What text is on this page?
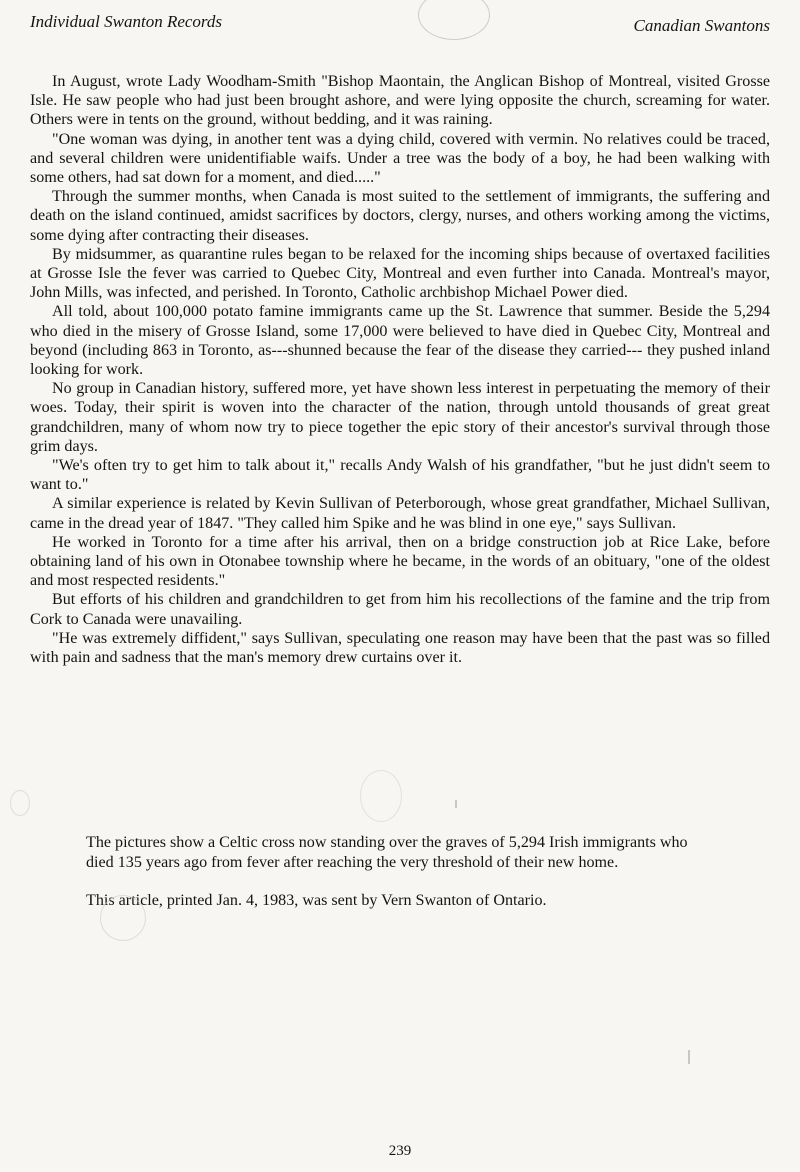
Individual Swanton Records	Canadian Swantons

In August, wrote Lady Woodham-Smith "Bishop Maontain, the Anglican Bishop of Montreal, visited Grosse Isle. He saw people who had just been brought ashore, and were lying opposite the church, screaming for water. Others were in tents on the ground, without bedding, and it was raining.

"One woman was dying, in another tent was a dying child, covered with vermin. No relatives could be traced, and several children were unidentifiable waifs. Under a tree was the body of a boy, he had been walking with some others, had sat down for a moment, and died....."

Through the summer months, when Canada is most suited to the settlement of immigrants, the suffering and death on the island continued, amidst sacrifices by doctors, clergy, nurses, and others working among the victims, some dying after contracting their diseases.

By midsummer, as quarantine rules began to be relaxed for the incoming ships because of overtaxed facilities at Grosse Isle the fever was carried to Quebec City, Montreal and even further into Canada. Montreal's mayor, John Mills, was infected, and perished. In Toronto, Catholic archbishop Michael Power died.

All told, about 100,000 potato famine immigrants came up the St. Lawrence that summer. Beside the 5,294 who died in the misery of Grosse Island, some 17,000 were believed to have died in Quebec City, Montreal and beyond (including 863 in Toronto, as---shunned because the fear of the disease they carried--- they pushed inland looking for work.

No group in Canadian history, suffered more, yet have shown less interest in perpetuating the memory of their woes. Today, their spirit is woven into the character of the nation, through untold thousands of great great grandchildren, many of whom now try to piece together the epic story of their ancestor's survival through those grim days.

"We's often try to get him to talk about it," recalls Andy Walsh of his grandfather, "but he just didn't seem to want to."

A similar experience is related by Kevin Sullivan of Peterborough, whose great grandfather, Michael Sullivan, came in the dread year of 1847. "They called him Spike and he was blind in one eye," says Sullivan.

He worked in Toronto for a time after his arrival, then on a bridge construction job at Rice Lake, before obtaining land of his own in Otonabee township where he became, in the words of an obituary, "one of the oldest and most respected residents."

But efforts of his children and grandchildren to get from him his recollections of the famine and the trip from Cork to Canada were unavailing.

"He was extremely diffident," says Sullivan, speculating one reason may have been that the past was so filled with pain and sadness that the man's memory drew curtains over it.

The pictures show a Celtic cross now standing over the graves of 5,294 Irish immigrants who died 135 years ago from fever after reaching the very threshold of their new home.

This article, printed Jan. 4, 1983, was sent by Vern Swanton of Ontario.

239
